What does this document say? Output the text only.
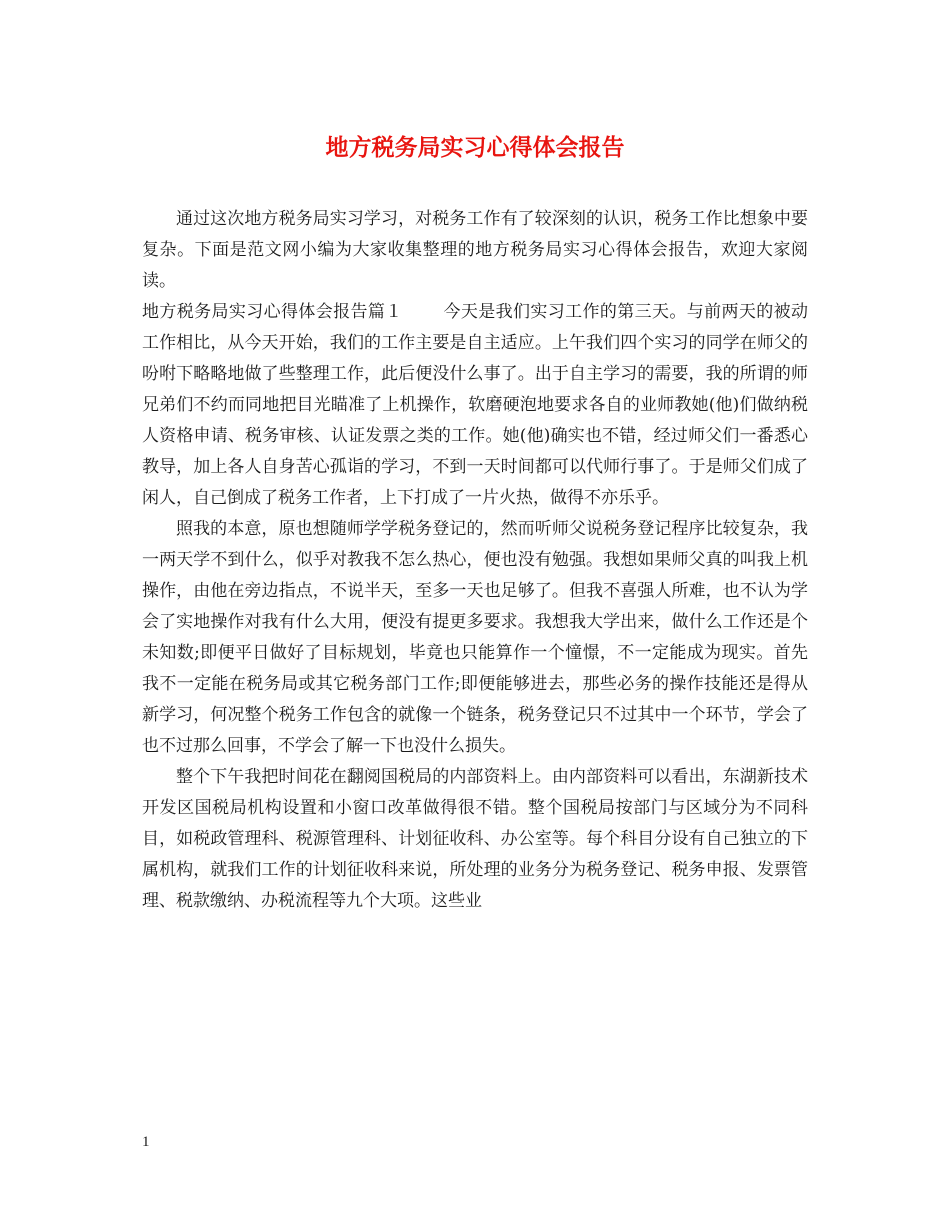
地方税务局实习心得体会报告

通过这次地方税务局实习学习，对税务工作有了较深刻的认识，税务工作比想象中要复杂。下面是范文网小编为大家收集整理的地方税务局实习心得体会报告，欢迎大家阅读。

地方税务局实习心得体会报告篇１ 今天是我们实习工作的第三天。与前两天的被动工作相比，从今天开始，我们的工作主要是自主适应。上午我们四个实习的同学在师父的吩咐下略略地做了些整理工作，此后便没什么事了。出于自主学习的需要，我的所谓的师兄弟们不约而同地把目光瞄准了上机操作，软磨硬泡地要求各自的业师教她(他)们做纳税人资格申请、税务审核、认证发票之类的工作。她(他)确实也不错，经过师父们一番悉心教导，加上各人自身苦心孤诣的学习，不到一天时间都可以代师行事了。于是师父们成了闲人，自己倒成了税务工作者，上下打成了一片火热，做得不亦乐乎。

照我的本意，原也想随师学学税务登记的，然而听师父说税务登记程序比较复杂，我一两天学不到什么，似乎对教我不怎么热心，便也没有勉强。我想如果师父真的叫我上机操作，由他在旁边指点，不说半天，至多一天也足够了。但我不喜强人所难，也不认为学会了实地操作对我有什么大用，便没有提更多要求。我想我大学出来，做什么工作还是个未知数;即便平日做好了目标规划，毕竟也只能算作一个憧憬，不一定能成为现实。首先我不一定能在税务局或其它税务部门工作;即便能够进去，那些必务的操作技能还是得从新学习，何况整个税务工作包含的就像一个链条，税务登记只不过其中一个环节，学会了也不过那么回事，不学会了解一下也没什么损失。

整个下午我把时间花在翻阅国税局的内部资料上。由内部资料可以看出，东湖新技术开发区国税局机构设置和小窗口改革做得很不错。整个国税局按部门与区域分为不同科目，如税政管理科、税源管理科、计划征收科、办公室等。每个科目分设有自己独立的下属机构，就我们工作的计划征收科来说，所处理的业务分为税务登记、税务申报、发票管理、税款缴纳、办税流程等九个大项。这些业

1
